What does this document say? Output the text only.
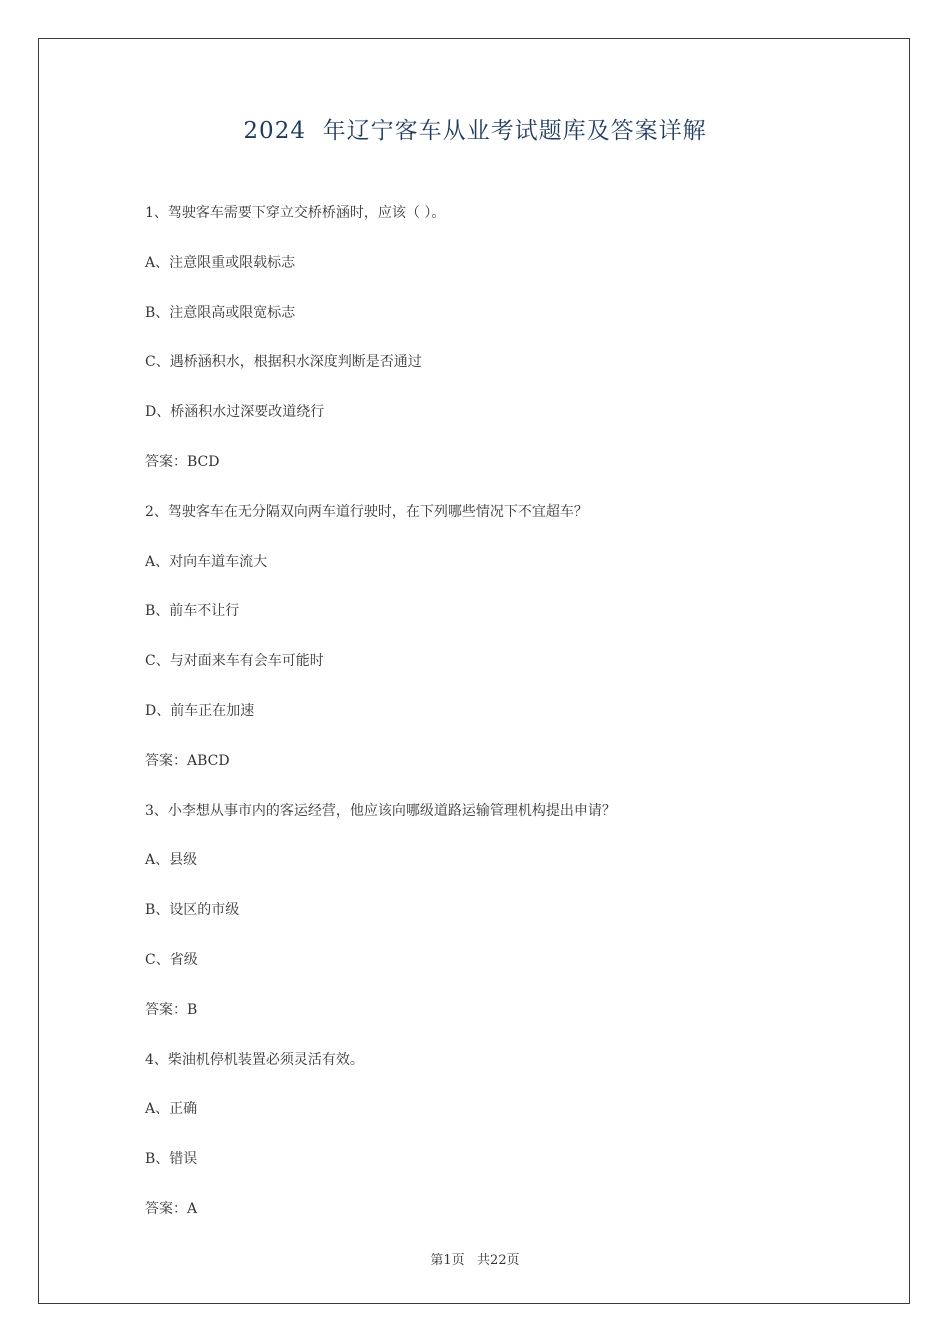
2024  年辽宁客车从业考试题库及答案详解
1、驾驶客车需要下穿立交桥桥涵时，应该（ ）。
A、注意限重或限载标志
B、注意限高或限宽标志
C、遇桥涵积水，根据积水深度判断是否通过
D、桥涵积水过深要改道绕行
答案：BCD
2、驾驶客车在无分隔双向两车道行驶时，在下列哪些情况下不宜超车？
A、对向车道车流大
B、前车不让行
C、与对面来车有会车可能时
D、前车正在加速
答案：ABCD
3、小李想从事市内的客运经营，他应该向哪级道路运输管理机构提出申请？
A、县级
B、设区的市级
C、省级
答案：B
4、柴油机停机装置必须灵活有效。
A、正确
B、错误
答案：A
第1页   共22页
